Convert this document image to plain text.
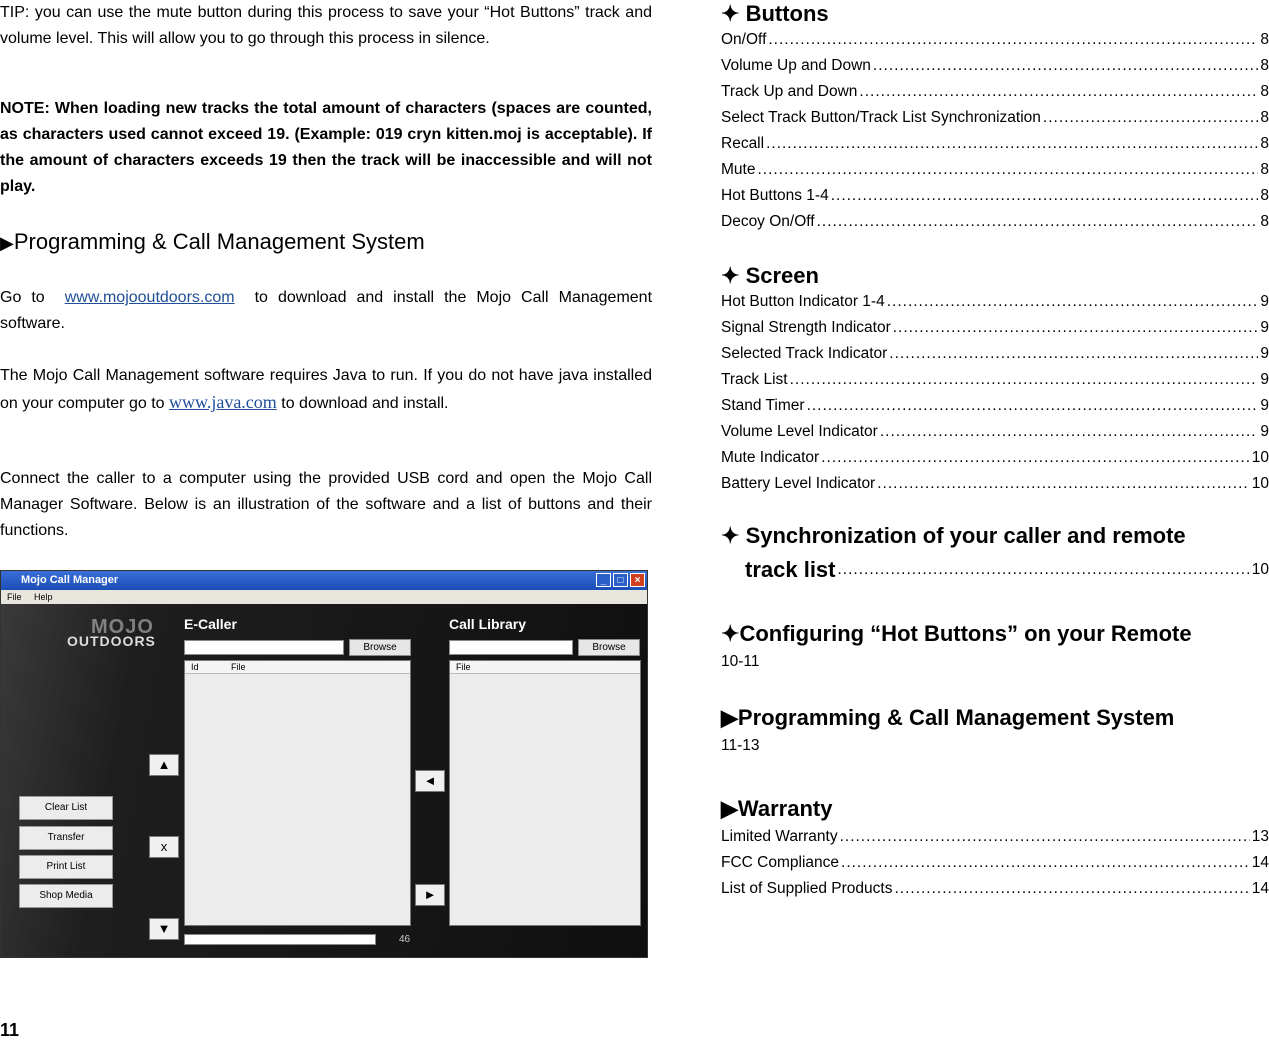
TIP: you can use the mute button during this process to save your “Hot Buttons” track and volume level. This will allow you to go through this process in silence.

NOTE: When loading new tracks the total amount of characters (spaces are counted, as characters used cannot exceed 19. (Example: 019 cryn kitten.moj is acceptable). If the amount of characters exceeds 19 then the track will be inaccessible and will not play.

▶Programming & Call Management System

Go to www.mojooutdoors.com to download and install the Mojo Call Management software.

The Mojo Call Management software requires Java to run. If you do not have java installed on your computer go to www.java.com to download and install.

Connect the caller to a computer using the provided USB cord and open the Mojo Call Manager Software. Below is an illustration of the software and a list of buttons and their functions.

Mojo Call Manager	_	□	×
File Help
MOJO
OUTDOORS
Clear List
Transfer
Print List
Shop Media
▲
x
▼
E-Caller
Browse
Id	File
46
◄
►
Call Library
Browse
File
11
✦ Buttons
On/Off .....	8
Volume Up and Down .....	8
Track Up and Down .....	8
Select Track Button/Track List Synchronization .....	8
Recall .....	8
Mute .....	8
Hot Buttons 1-4 .....	8
Decoy On/Off .....	8
✦ Screen
Hot Button Indicator 1-4 .....	9
Signal Strength Indicator .....	9
Selected Track Indicator .....	9
Track List .....	9
Stand Timer .....	9
Volume Level Indicator .....	9
Mute Indicator .....	10
Battery Level Indicator .....	10
✦ Synchronization of your caller and remote
track list .....	10
✦Configuring “Hot Buttons” on your Remote
10-11
▶Programming & Call Management System
11-13
▶Warranty
Limited Warranty .....	13
FCC Compliance .....	14
List of Supplied Products .....	14
